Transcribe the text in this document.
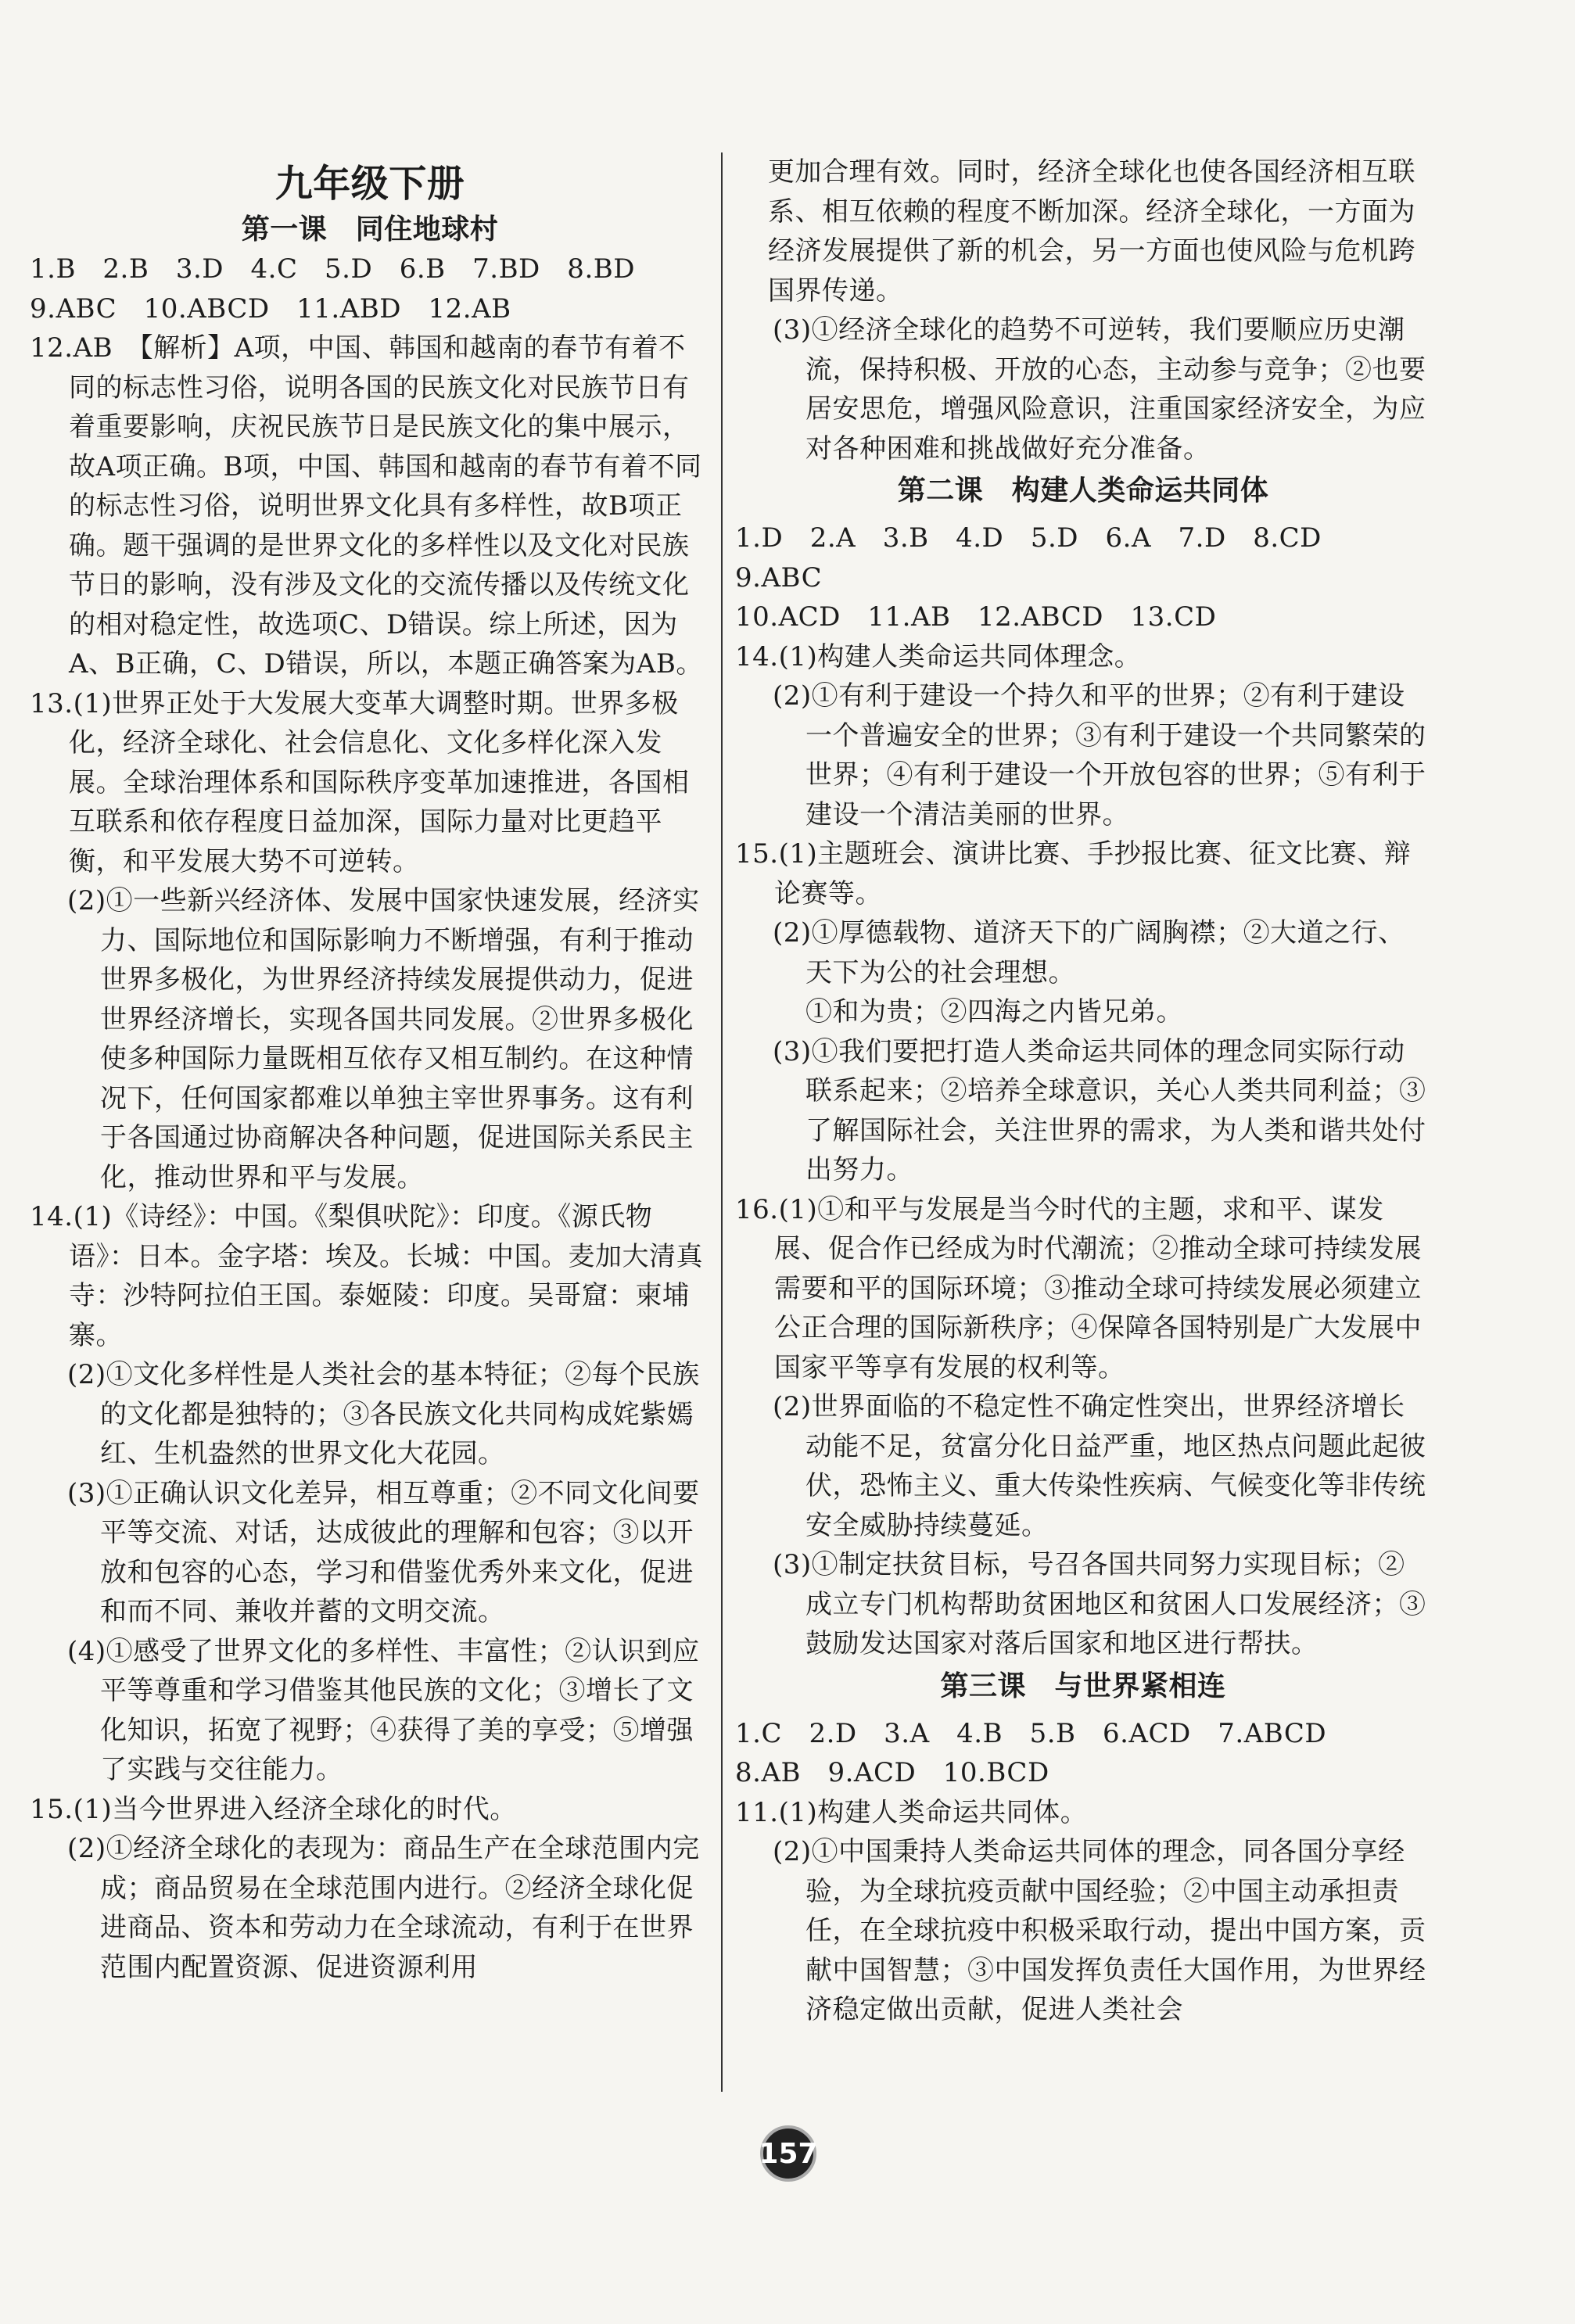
九年级下册
第一课　同住地球村

1.B　2.B　3.D　4.C　5.D　6.B　7.BD　8.BD

9.ABC　10.ABCD　11.ABD　12.AB

12.AB　【解析】A项，中国、韩国和越南的春节有着不同的标志性习俗，说明各国的民族文化对民族节日有着重要影响，庆祝民族节日是民族文化的集中展示，故A项正确。B项，中国、韩国和越南的春节有着不同的标志性习俗，说明世界文化具有多样性，故B项正确。题干强调的是世界文化的多样性以及文化对民族节日的影响，没有涉及文化的交流传播以及传统文化的相对稳定性，故选项C、D错误。综上所述，因为A、B正确，C、D错误，所以，本题正确答案为AB。

13.(1)世界正处于大发展大变革大调整时期。世界多极化，经济全球化、社会信息化、文化多样化深入发展。全球治理体系和国际秩序变革加速推进，各国相互联系和依存程度日益加深，国际力量对比更趋平衡，和平发展大势不可逆转。

(2)①一些新兴经济体、发展中国家快速发展，经济实力、国际地位和国际影响力不断增强，有利于推动世界多极化，为世界经济持续发展提供动力，促进世界经济增长，实现各国共同发展。②世界多极化使多种国际力量既相互依存又相互制约。在这种情况下，任何国家都难以单独主宰世界事务。这有利于各国通过协商解决各种问题，促进国际关系民主化，推动世界和平与发展。

14.(1)《诗经》：中国。《梨俱吠陀》：印度。《源氏物语》：日本。金字塔：埃及。长城：中国。麦加大清真寺：沙特阿拉伯王国。泰姬陵：印度。吴哥窟：柬埔寨。

(2)①文化多样性是人类社会的基本特征；②每个民族的文化都是独特的；③各民族文化共同构成姹紫嫣红、生机盎然的世界文化大花园。

(3)①正确认识文化差异，相互尊重；②不同文化间要平等交流、对话，达成彼此的理解和包容；③以开放和包容的心态，学习和借鉴优秀外来文化，促进和而不同、兼收并蓄的文明交流。

(4)①感受了世界文化的多样性、丰富性；②认识到应平等尊重和学习借鉴其他民族的文化；③增长了文化知识，拓宽了视野；④获得了美的享受；⑤增强了实践与交往能力。

15.(1)当今世界进入经济全球化的时代。

(2)①经济全球化的表现为：商品生产在全球范围内完成；商品贸易在全球范围内进行。②经济全球化促进商品、资本和劳动力在全球流动，有利于在世界范围内配置资源、促进资源利用

更加合理有效。同时，经济全球化也使各国经济相互联系、相互依赖的程度不断加深。经济全球化，一方面为经济发展提供了新的机会，另一方面也使风险与危机跨国界传递。

(3)①经济全球化的趋势不可逆转，我们要顺应历史潮流，保持积极、开放的心态，主动参与竞争；②也要居安思危，增强风险意识，注重国家经济安全，为应对各种困难和挑战做好充分准备。

第二课　构建人类命运共同体

1.D　2.A　3.B　4.D　5.D　6.A　7.D　8.CD　9.ABC

10.ACD　11.AB　12.ABCD　13.CD

14.(1)构建人类命运共同体理念。

(2)①有利于建设一个持久和平的世界；②有利于建设一个普遍安全的世界；③有利于建设一个共同繁荣的世界；④有利于建设一个开放包容的世界；⑤有利于建设一个清洁美丽的世界。

15.(1)主题班会、演讲比赛、手抄报比赛、征文比赛、辩论赛等。

(2)①厚德载物、道济天下的广阔胸襟；②大道之行、天下为公的社会理想。

①和为贵；②四海之内皆兄弟。

(3)①我们要把打造人类命运共同体的理念同实际行动联系起来；②培养全球意识，关心人类共同利益；③了解国际社会，关注世界的需求，为人类和谐共处付出努力。

16.(1)①和平与发展是当今时代的主题，求和平、谋发展、促合作已经成为时代潮流；②推动全球可持续发展需要和平的国际环境；③推动全球可持续发展必须建立公正合理的国际新秩序；④保障各国特别是广大发展中国家平等享有发展的权利等。

(2)世界面临的不稳定性不确定性突出，世界经济增长动能不足，贫富分化日益严重，地区热点问题此起彼伏，恐怖主义、重大传染性疾病、气候变化等非传统安全威胁持续蔓延。

(3)①制定扶贫目标，号召各国共同努力实现目标；②成立专门机构帮助贫困地区和贫困人口发展经济；③鼓励发达国家对落后国家和地区进行帮扶。

第三课　与世界紧相连

1.C　2.D　3.A　4.B　5.B　6.ACD　7.ABCD

8.AB　9.ACD　10.BCD

11.(1)构建人类命运共同体。

(2)①中国秉持人类命运共同体的理念，同各国分享经验，为全球抗疫贡献中国经验；②中国主动承担责任，在全球抗疫中积极采取行动，提出中国方案，贡献中国智慧；③中国发挥负责任大国作用，为世界经济稳定做出贡献，促进人类社会

157
